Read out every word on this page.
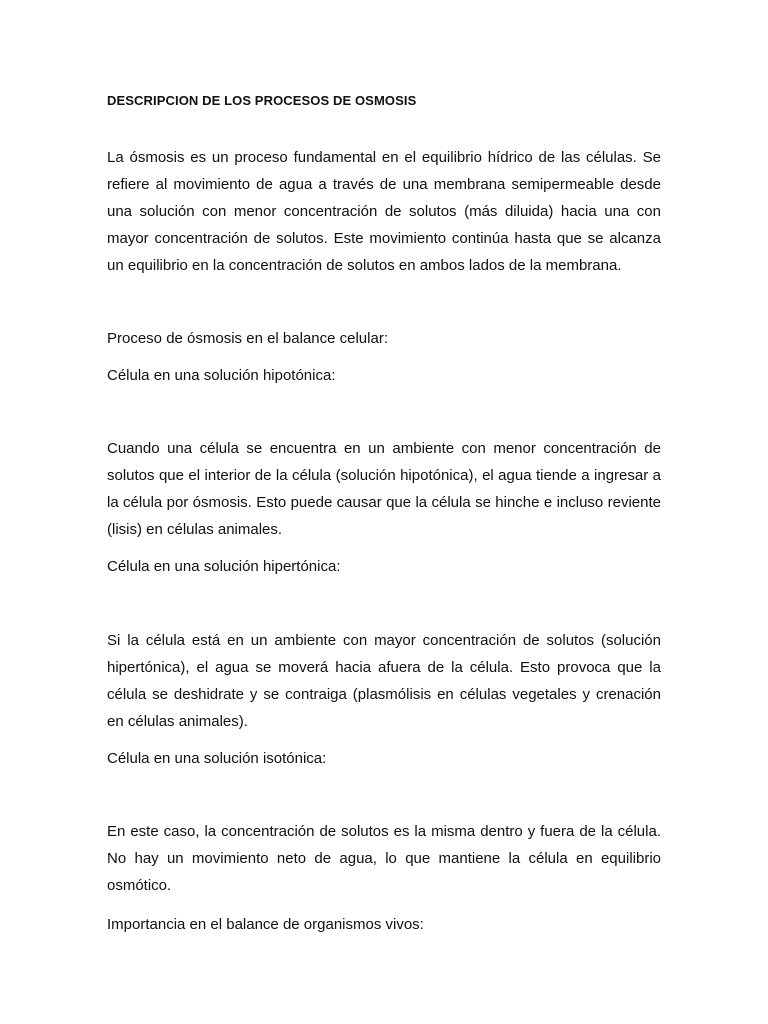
DESCRIPCION DE LOS PROCESOS DE OSMOSIS
La ósmosis es un proceso fundamental en el equilibrio hídrico de las células. Se refiere al movimiento de agua a través de una membrana semipermeable desde una solución con menor concentración de solutos (más diluida) hacia una con mayor concentración de solutos. Este movimiento continúa hasta que se alcanza un equilibrio en la concentración de solutos en ambos lados de la membrana.
Proceso de ósmosis en el balance celular:
Célula en una solución hipotónica:
Cuando una célula se encuentra en un ambiente con menor concentración de solutos que el interior de la célula (solución hipotónica), el agua tiende a ingresar a la célula por ósmosis. Esto puede causar que la célula se hinche e incluso reviente (lisis) en células animales.
Célula en una solución hipertónica:
Si la célula está en un ambiente con mayor concentración de solutos (solución hipertónica), el agua se moverá hacia afuera de la célula. Esto provoca que la célula se deshidrate y se contraiga (plasmólisis en células vegetales y crenación en células animales).
Célula en una solución isotónica:
En este caso, la concentración de solutos es la misma dentro y fuera de la célula. No hay un movimiento neto de agua, lo que mantiene la célula en equilibrio osmótico.
Importancia en el balance de organismos vivos:
